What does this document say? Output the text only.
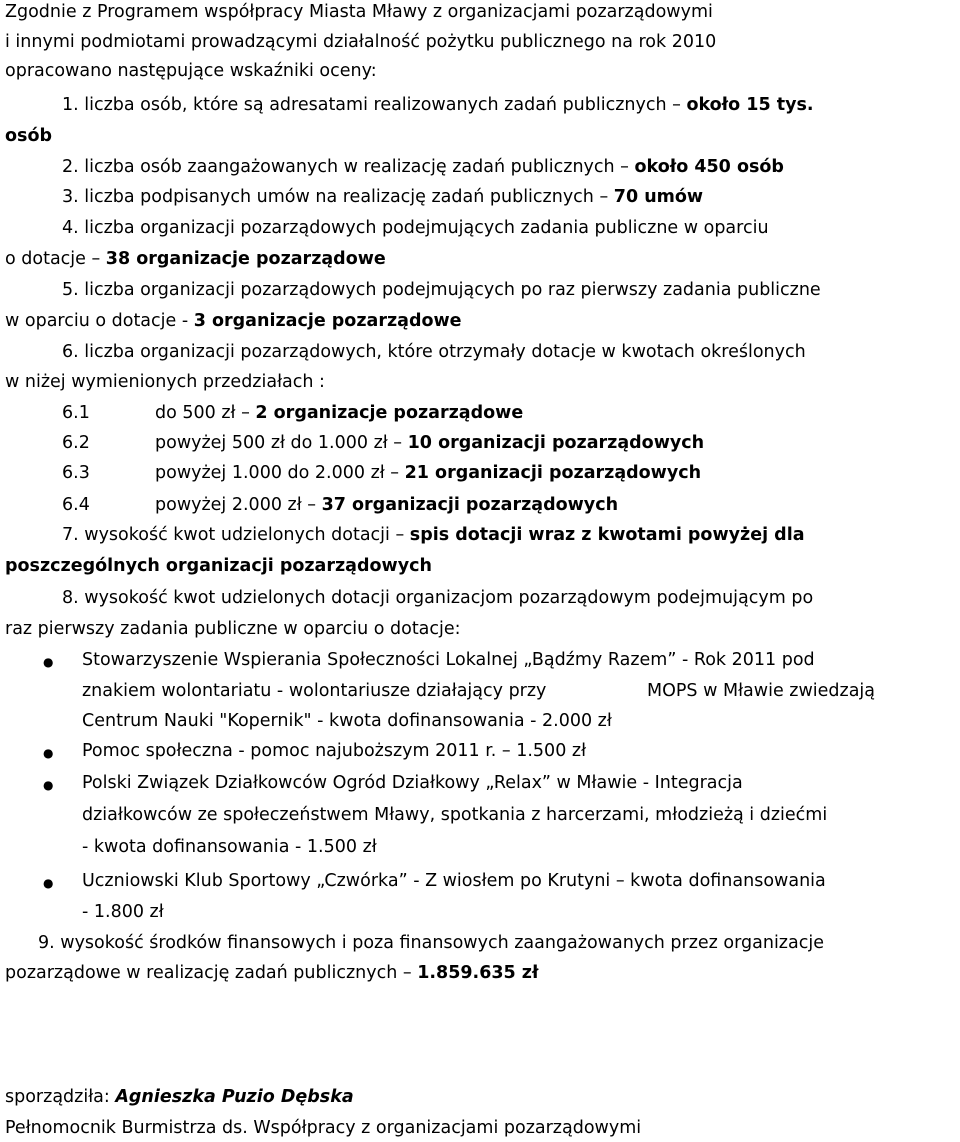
Zgodnie z Programem współpracy Miasta Mławy z organizacjami pozarządowymi
i innymi podmiotami prowadzącymi działalność pożytku publicznego na rok 2010
opracowano następujące wskaźniki oceny:
1. liczba osób, które są adresatami realizowanych zadań publicznych – około 15 tys.
osób
2. liczba osób zaangażowanych w realizację zadań publicznych – około 450 osób
3. liczba podpisanych umów na realizację zadań publicznych – 70 umów
4. liczba organizacji pozarządowych podejmujących zadania publiczne w oparciu
o dotacje – 38 organizacje pozarządowe
5. liczba organizacji pozarządowych podejmujących po raz pierwszy zadania publiczne
w oparciu o dotacje - 3 organizacje pozarządowe
6. liczba organizacji pozarządowych, które otrzymały dotacje w kwotach określonych
w niżej wymienionych przedziałach :
6.1	do 500 zł – 2 organizacje pozarządowe
6.2	powyżej 500 zł do 1.000 zł – 10 organizacji pozarządowych
6.3	powyżej 1.000 do 2.000 zł – 21 organizacji pozarządowych
6.4	powyżej 2.000 zł – 37 organizacji pozarządowych
7. wysokość kwot udzielonych dotacji – spis dotacji wraz z kwotami powyżej dla
poszczególnych organizacji pozarządowych
8. wysokość kwot udzielonych dotacji organizacjom pozarządowym podejmującym po
raz pierwszy zadania publiczne w oparciu o dotacje:
● Stowarzyszenie Wspierania Społeczności Lokalnej „Bądźmy Razem” - Rok 2011 pod
znakiem wolontariatu - wolontariusze działający przy	MOPS w Mławie zwiedzają
Centrum Nauki "Kopernik" - kwota dofinansowania - 2.000 zł
● Pomoc społeczna - pomoc najuboższym 2011 r. – 1.500 zł
● Polski Związek Działkowców Ogród Działkowy „Relax” w Mławie - Integracja
działkowców ze społeczeństwem Mławy, spotkania z harcerzami, młodzieżą i dziećmi
- kwota dofinansowania - 1.500 zł
● Uczniowski Klub Sportowy „Czwórka” - Z wiosłem po Krutyni – kwota dofinansowania
- 1.800 zł
9. wysokość środków finansowych i poza finansowych zaangażowanych przez organizacje
pozarządowe w realizację zadań publicznych – 1.859.635 zł
sporządziła: Agnieszka Puzio Dębska
Pełnomocnik Burmistrza ds. Współpracy z organizacjami pozarządowymi
